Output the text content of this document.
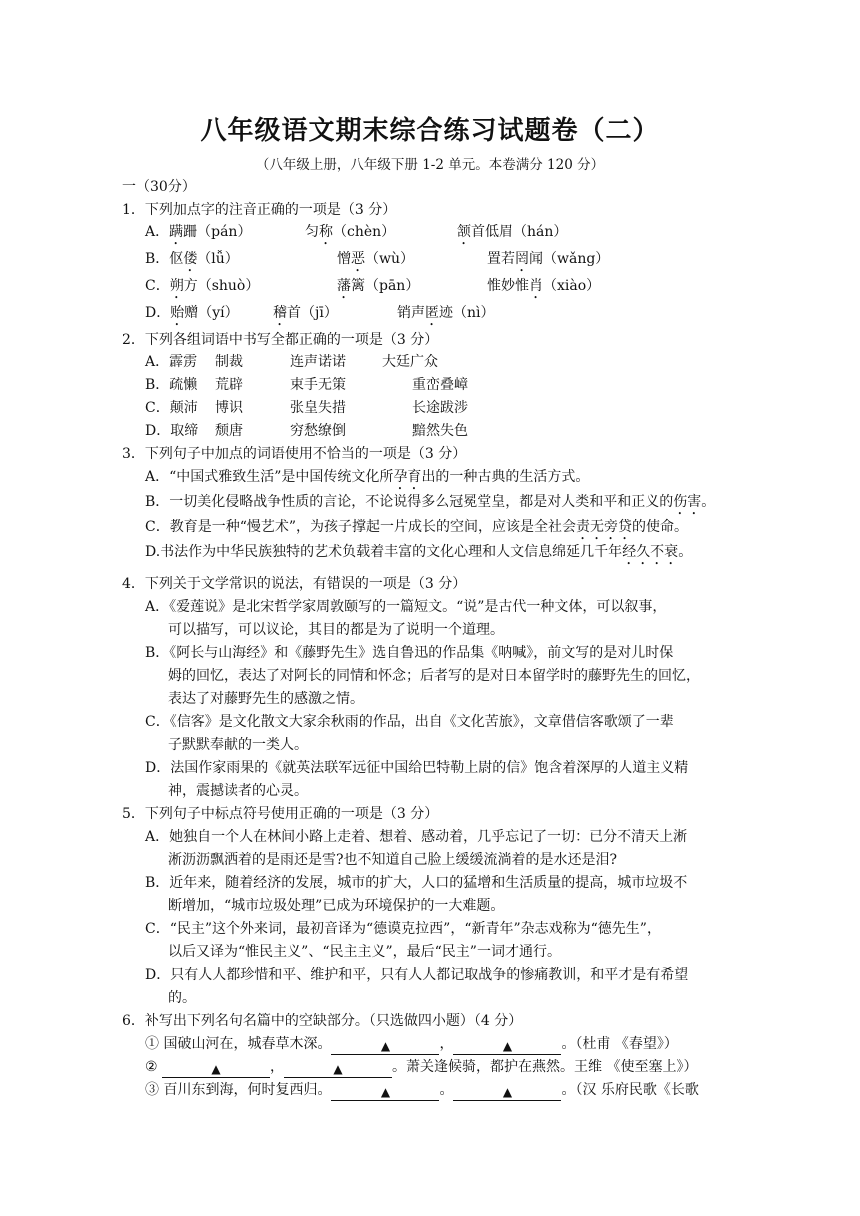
八年级语文期末综合练习试题卷（二）
（八年级上册，八年级下册 1-2 单元。本卷满分 120 分）
一（30分）
1．下列加点字的注音正确的一项是（3 分）
A．蹒跚（pán）	匀称（chèn）	颔首低眉（hán）
B．伛偻（lǚ）	憎恶（wù）	置若罔闻（wǎng）
C．朔方（shuò）	藩篱（pān）	惟妙惟肖（xiào）
D．贻赠（yí） 稽首（jī）	销声匿迹（nì）
2．下列各组词语中书写全都正确的一项是（3 分）
A．霹雳 制裁	连声诺诺	大廷广众
B．疏懒 荒辟	束手无策	重峦叠嶂
C．颠沛 博识	张皇失措	长途跋涉
D．取缔 颓唐	穷愁缭倒	黯然失色
3．下列句子中加点的词语使用不恰当的一项是（3 分）
A．“中国式雅致生活”是中国传统文化所孕育出的一种古典的生活方式。
B．一切美化侵略战争性质的言论，不论说得多么冠冕堂皇，都是对人类和平和正义的伤害。
C．教育是一种“慢艺术”，为孩子撑起一片成长的空间，应该是全社会责无旁贷的使命。
D.书法作为中华民族独特的艺术负载着丰富的文化心理和人文信息绵延几千年经久不衰。
4．下列关于文学常识的说法，有错误的一项是（3 分）
A．《爱莲说》是北宋哲学家周敦颐写的一篇短文。“说”是古代一种文体，可以叙事，
可以描写，可以议论，其目的都是为了说明一个道理。
B．《阿长与山海经》和《藤野先生》选自鲁迅的作品集《呐喊》，前文写的是对儿时保
姆的回忆，表达了对阿长的同情和怀念；后者写的是对日本留学时的藤野先生的回忆，
表达了对藤野先生的感激之情。
C．《信客》是文化散文大家余秋雨的作品，出自《文化苦旅》，文章借信客歌颂了一辈
子默默奉献的一类人。
D．法国作家雨果的《就英法联军远征中国给巴特勒上尉的信》饱含着深厚的人道主义精
神，震撼读者的心灵。
5．下列句子中标点符号使用正确的一项是（3 分）
A．她独自一个人在林间小路上走着、想着、感动着，几乎忘记了一切：已分不清天上淅
淅沥沥飘洒着的是雨还是雪?也不知道自己脸上缓缓流淌着的是水还是泪?
B．近年来，随着经济的发展，城市的扩大，人口的猛增和生活质量的提高，城市垃圾不
断增加，“城市垃圾处理”已成为环境保护的一大难题。
C．“民主”这个外来词，最初音译为“德谟克拉西”，“新青年”杂志戏称为“德先生”，
以后又译为“惟民主义”、“民主主义”，最后“民主”一词才通行。
D．只有人人都珍惜和平、维护和平，只有人人都记取战争的惨痛教训，和平才是有希望
的。
6．补写出下列名句名篇中的空缺部分。（只选做四小题）（4 分）
① 国破山河在，城春草木深。	▲	，	▲	。（杜甫 《春望》）
②	▲	，	▲	。萧关逢候骑，都护在燕然。王维 《使至塞上》）
③ 百川东到海，何时复西归。	▲	。	▲	。（汉 乐府民歌《长歌
